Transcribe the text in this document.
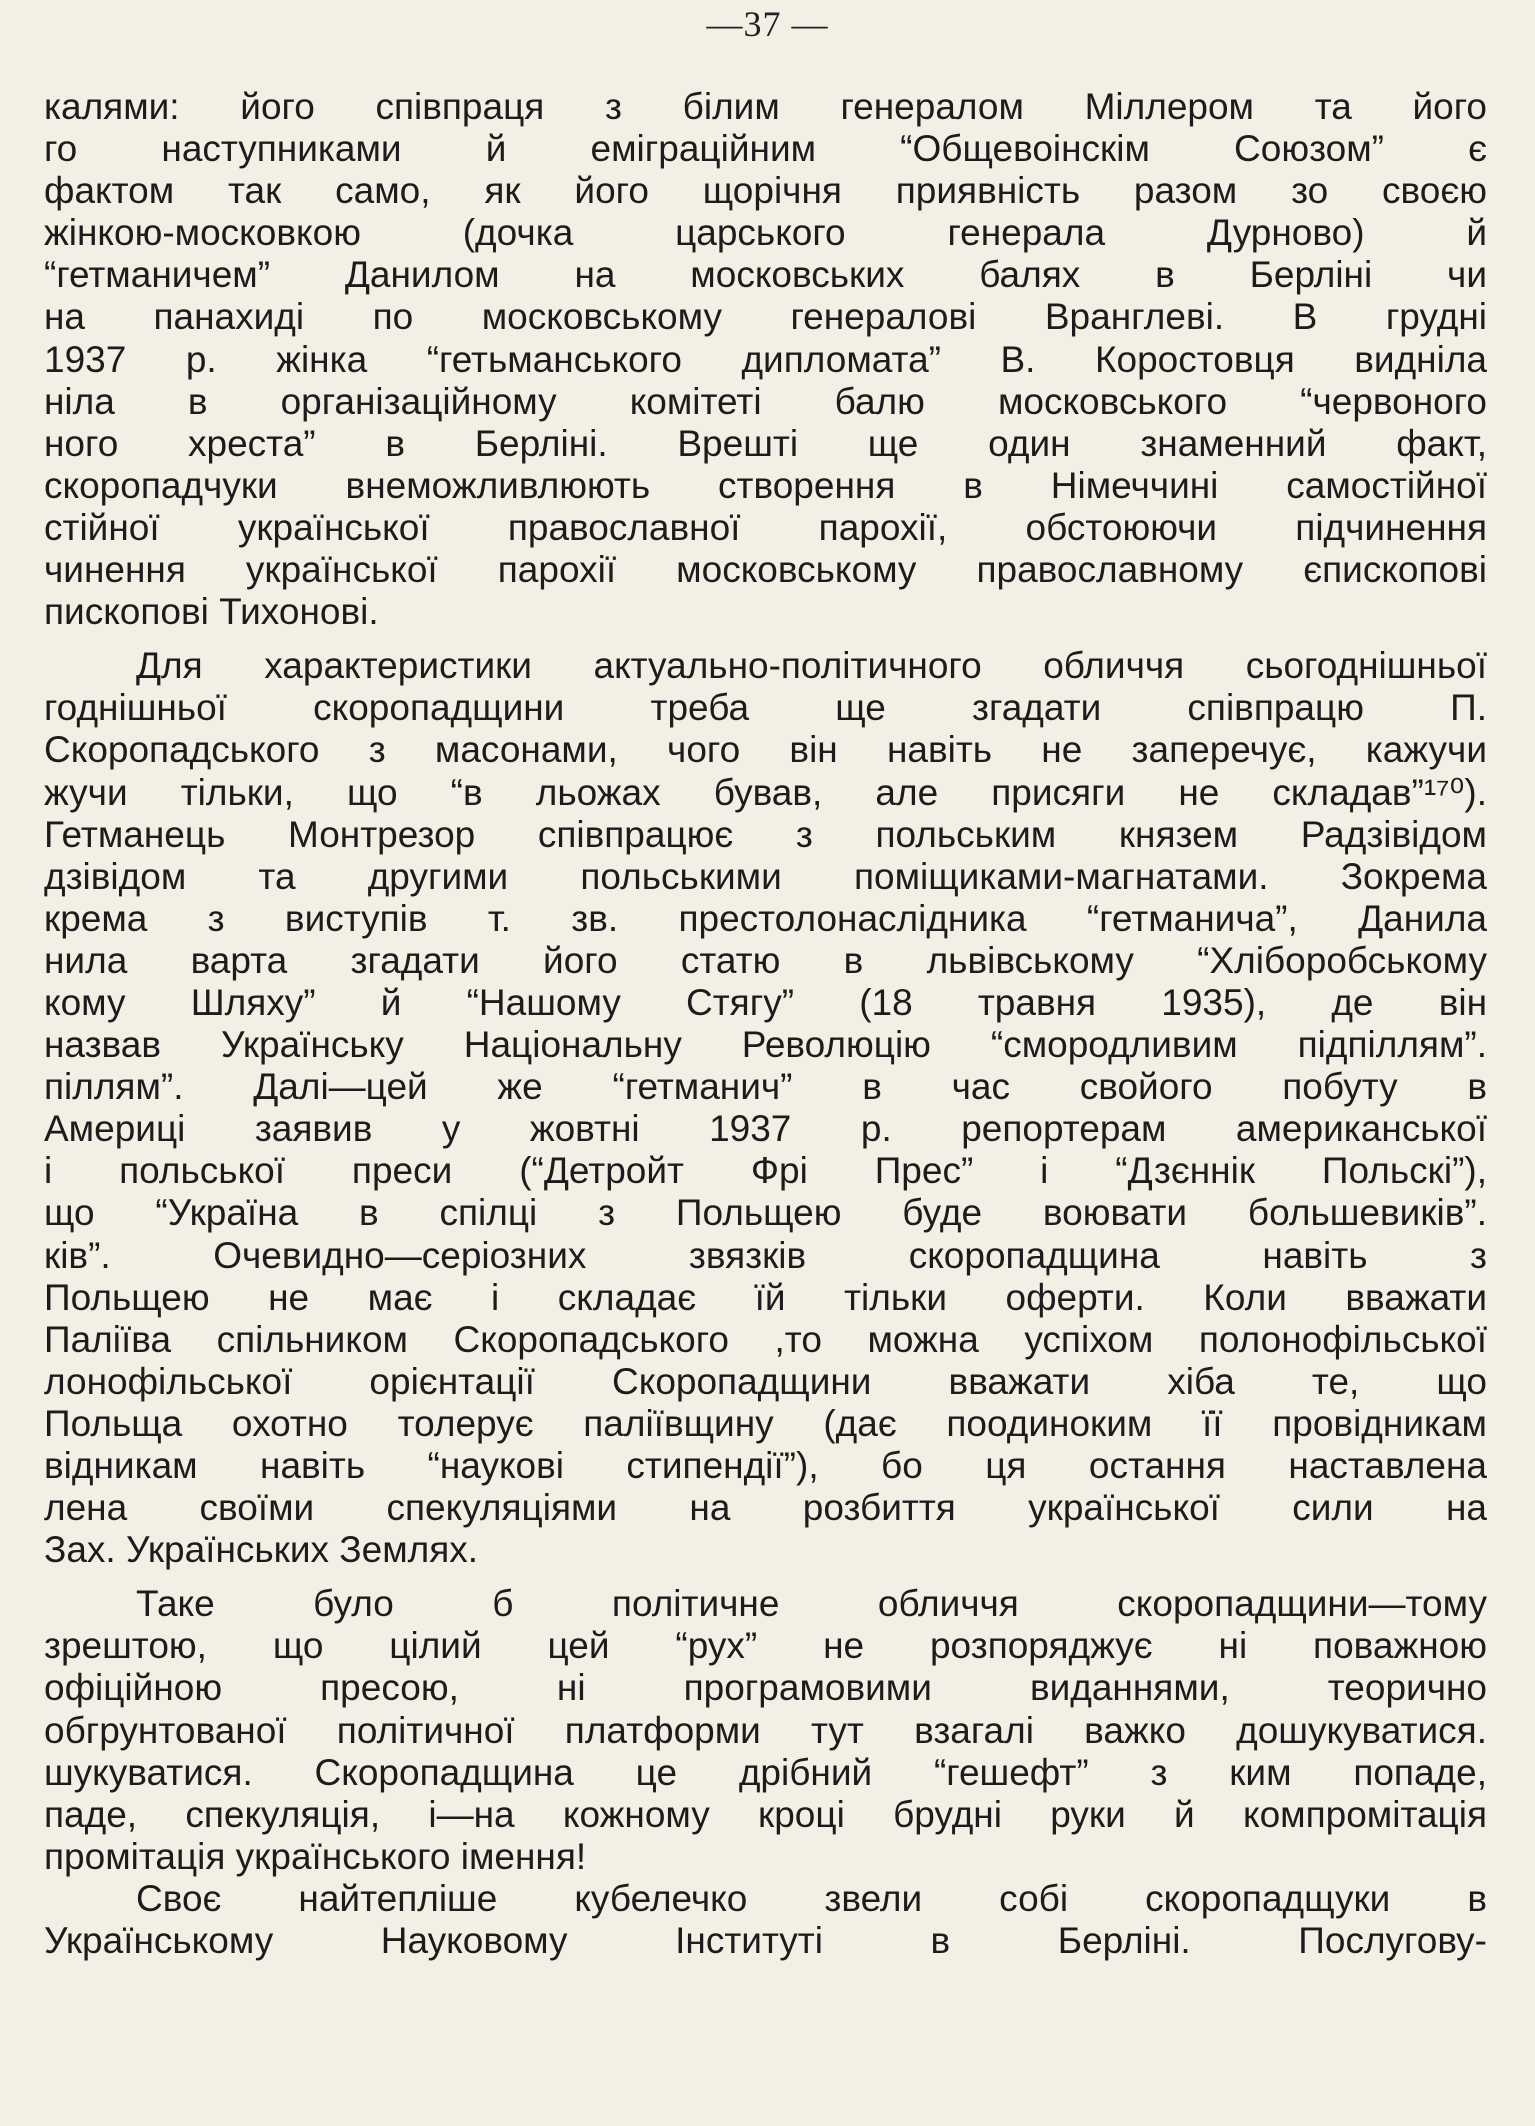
—37 —
калями: його співпраця з білим генералом Міллером та його
го наступниками й еміграційним “Общевоінскім Союзом” є
фактом так само, як його щорічня приявність разом зо своєю
жінкою-московкою (дочка царського генерала Дурново) й
“гетманичем” Данилом на московських балях в Берліні чи
на панахиді по московському генералові Вранглеві. В грудні
1937 р. жінка “гетьманського дипломата” В. Коростовця виднiла
ніла в організаційному комітеті балю московського “червоного
ного хреста” в Берліні. Врешті ще один знаменний факт,
скоропадчуки внеможливлюють створення в Німеччині самостійної
стійної української православної парохії, обстоюючи підчинення
чинення української парохії московському православному єпископові
пископові Тихонові.
Для характеристики актуально-політичного обличчя сьогоднішньої
годнішньої скоропадщини треба ще згадати співпрацю П.
Скоропадського з масонами, чого він навіть не заперечує, кажучи
жучи тільки, що “в льожах бував, але присяги не складав”¹⁷⁰).
Гетманець Монтрезор співпрацює з польським князем Радзівідом
дзівідом та другими польськими поміщиками-магнатами. Зокрема
крема з виступів т. зв. престолонаслідника “гетманича”, Данила
нила варта згадати його статю в львівському “Хліборобському
кому Шляху” й “Нашому Стягу” (18 травня 1935), де він
назвав Українську Національну Революцію “смородливим підпіллям”.
піллям”. Далі—цей же “гетманич” в час свойого побуту в
Америці заявив у жовтні 1937 р. репортерам американської
і польської преси (“Детройт Фрі Прес” і “Дзєннік Польскі”),
що “Україна в спілці з Польщею буде воювати большевиків”.
ків”. Очевидно—серіозних звязків скоропадщина навіть з
Польщею не має і складає їй тільки оферти. Коли вважати
Паліїва спільником Скоропадського ,то можна успіхом полонофільської
лонофільської орієнтації Скоропадщини вважати хіба те, що
Польща охотно толерує паліївщину (дає поодиноким її провідникам
відникам навіть “наукові стипендії”), бо ця остання наставлена
лена своїми спекуляціями на розбиття української сили на
Зах. Українських Землях.
Таке було б політичне обличчя скоропадщини—тому
зрештою, що цілий цей “рух” не розпоряджує ні поважною
офіційною пресою, ні програмовими виданнями, теорично
обгрунтованої політичної платформи тут взагалі важко дошукуватися.
шукуватися. Скоропадщина це дрібний “гешефт” з ким попаде,
паде, спекуляція, і—на кожному кроці брудні руки й компромітація
промітація українського імення!
Своє найтепліше кубелечко звели собі скоропадщуки в
Українському Науковому Інституті в Берліні. Послугову-
